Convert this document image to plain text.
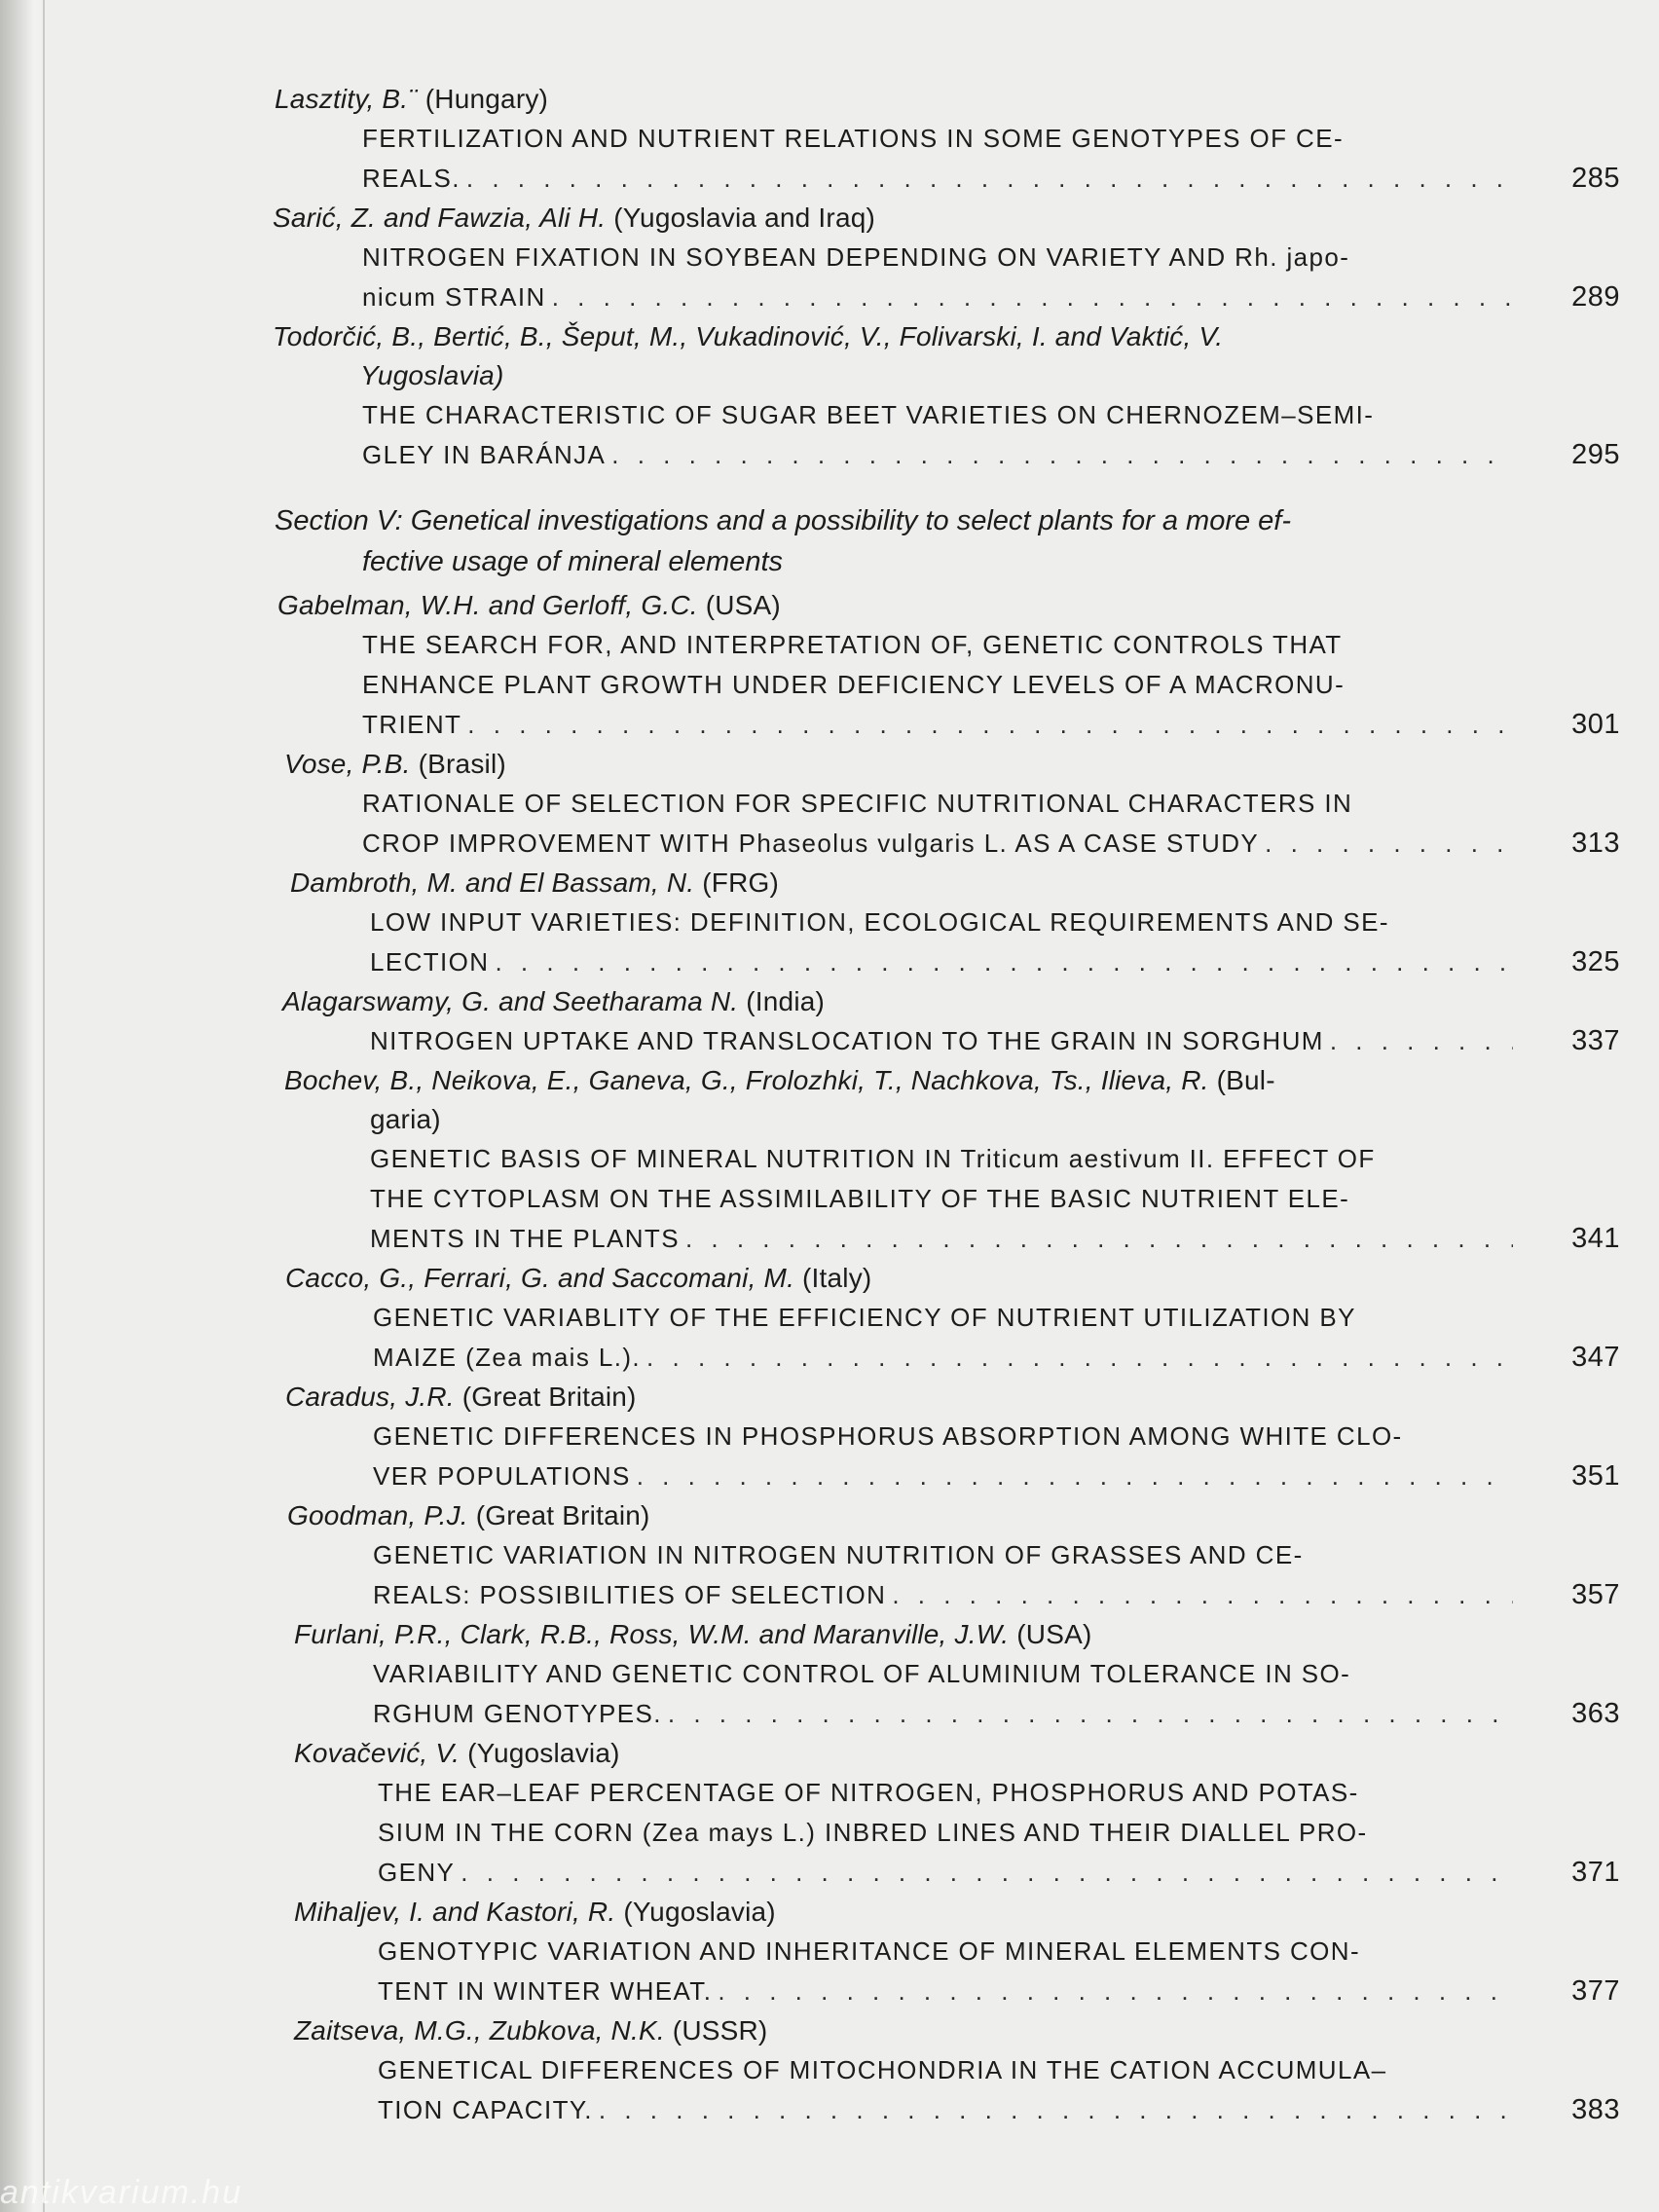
Lasztity, B.¨ (Hungary)
FERTILIZATION AND NUTRIENT RELATIONS IN SOME GENOTYPES OF CE-
REALS. . . .	285
Sarić, Z. and Fawzia, Ali H. (Yugoslavia and Iraq)
NITROGEN FIXATION IN SOYBEAN DEPENDING ON VARIETY AND Rh. japo-
nicum STRAIN . . .	289
Todorčić, B., Bertić, B., Šeput, M., Vukadinović, V., Folivarski, I. and Vaktić, V.
Yugoslavia)
THE CHARACTERISTIC OF SUGAR BEET VARIETIES ON CHERNOZEM–SEMI-
GLEY IN BARÁNJA . . .	295
Section V: Genetical investigations and a possibility to select plants for a more ef-
fective usage of mineral elements
Gabelman, W.H. and Gerloff, G.C. (USA)
THE SEARCH FOR, AND INTERPRETATION OF, GENETIC CONTROLS THAT
ENHANCE PLANT GROWTH UNDER DEFICIENCY LEVELS OF A MACRONU-
TRIENT . . .	301
Vose, P.B. (Brasil)
RATIONALE OF SELECTION FOR SPECIFIC NUTRITIONAL CHARACTERS IN
CROP IMPROVEMENT WITH Phaseolus vulgaris L. AS A CASE STUDY . . .	313
Dambroth, M. and El Bassam, N. (FRG)
LOW INPUT VARIETIES: DEFINITION, ECOLOGICAL REQUIREMENTS AND SE-
LECTION . . .	325
Alagarswamy, G. and Seetharama N. (India)
NITROGEN UPTAKE AND TRANSLOCATION TO THE GRAIN IN SORGHUM . . .	337
Bochev, B., Neikova, E., Ganeva, G., Frolozhki, T., Nachkova, Ts., Ilieva, R. (Bul-
garia)
GENETIC BASIS OF MINERAL NUTRITION IN Triticum aestivum II. EFFECT OF
THE CYTOPLASM ON THE ASSIMILABILITY OF THE BASIC NUTRIENT ELE-
MENTS IN THE PLANTS . . .	341
Cacco, G., Ferrari, G. and Saccomani, M. (Italy)
GENETIC VARIABLITY OF THE EFFICIENCY OF NUTRIENT UTILIZATION BY
MAIZE (Zea mais L.). . . .	347
Caradus, J.R. (Great Britain)
GENETIC DIFFERENCES IN PHOSPHORUS ABSORPTION AMONG WHITE CLO-
VER POPULATIONS . . .	351
Goodman, P.J. (Great Britain)
GENETIC VARIATION IN NITROGEN NUTRITION OF GRASSES AND CE-
REALS: POSSIBILITIES OF SELECTION . . .	357
Furlani, P.R., Clark, R.B., Ross, W.M. and Maranville, J.W. (USA)
VARIABILITY AND GENETIC CONTROL OF ALUMINIUM TOLERANCE IN SO-
RGHUM GENOTYPES. . . .	363
Kovačević, V. (Yugoslavia)
THE EAR–LEAF PERCENTAGE OF NITROGEN, PHOSPHORUS AND POTAS-
SIUM IN THE CORN (Zea mays L.) INBRED LINES AND THEIR DIALLEL PRO-
GENY . . .	371
Mihaljev, I. and Kastori, R. (Yugoslavia)
GENOTYPIC VARIATION AND INHERITANCE OF MINERAL ELEMENTS CON-
TENT IN WINTER WHEAT. . . .	377
Zaitseva, M.G., Zubkova, N.K. (USSR)
GENETICAL DIFFERENCES OF MITOCHONDRIA IN THE CATION ACCUMULA–
TION CAPACITY. . . .	383
antikvarium.hu
